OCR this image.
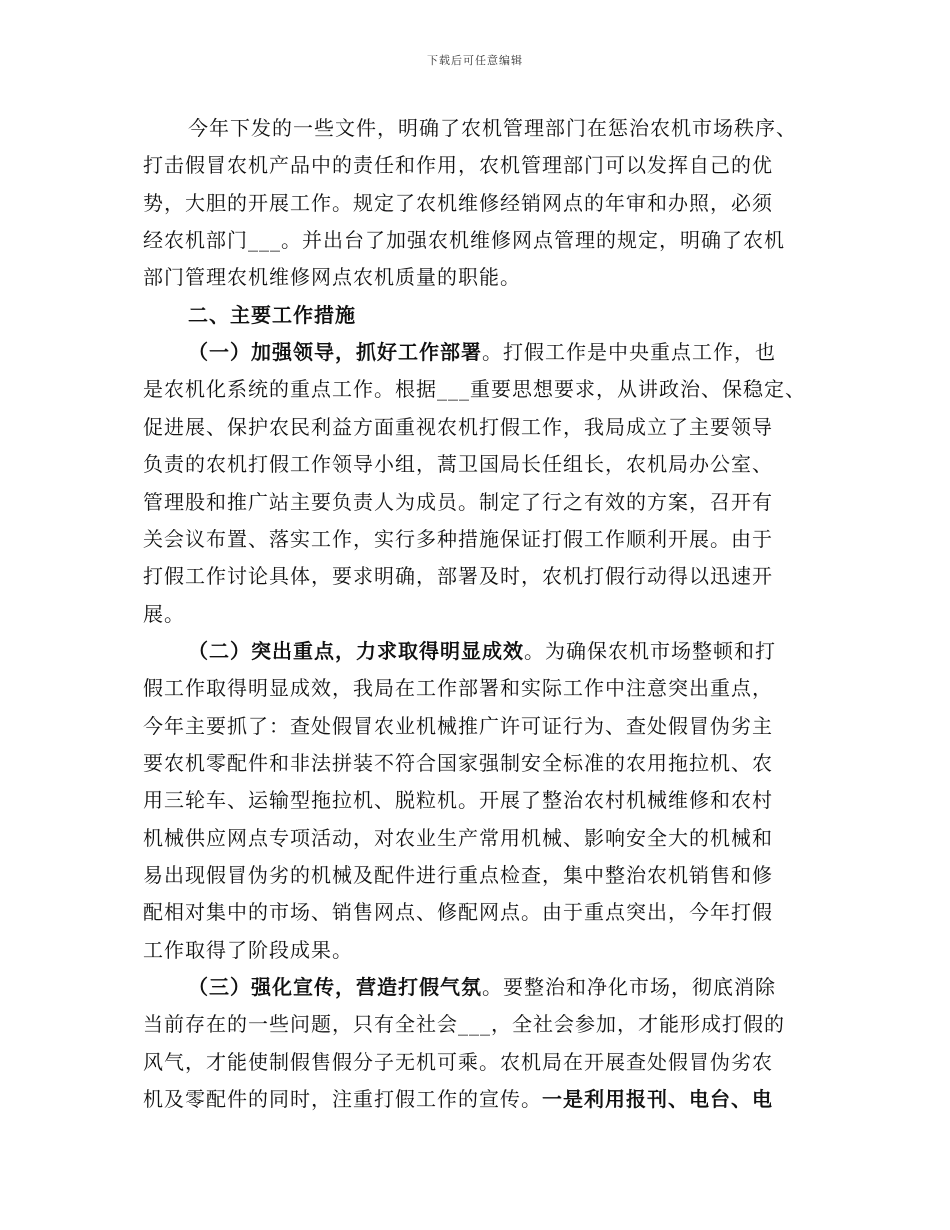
下载后可任意编辑
今年下发的一些文件，明确了农机管理部门在惩治农机市场秩序、
打击假冒农机产品中的责任和作用，农机管理部门可以发挥自己的优
势，大胆的开展工作。规定了农机维修经销网点的年审和办照，必须
经农机部门___。并出台了加强农机维修网点管理的规定，明确了农机
部门管理农机维修网点农机质量的职能。
二、主要工作措施
（一）加强领导，抓好工作部署。打假工作是中央重点工作，也
是农机化系统的重点工作。根据___重要思想要求，从讲政治、保稳定、
促进展、保护农民利益方面重视农机打假工作，我局成立了主要领导
负责的农机打假工作领导小组，蒿卫国局长任组长，农机局办公室、
管理股和推广站主要负责人为成员。制定了行之有效的方案，召开有
关会议布置、落实工作，实行多种措施保证打假工作顺利开展。由于
打假工作讨论具体，要求明确，部署及时，农机打假行动得以迅速开
展。
（二）突出重点，力求取得明显成效。为确保农机市场整顿和打
假工作取得明显成效，我局在工作部署和实际工作中注意突出重点，
今年主要抓了：查处假冒农业机械推广许可证行为、查处假冒伪劣主
要农机零配件和非法拼装不符合国家强制安全标准的农用拖拉机、农
用三轮车、运输型拖拉机、脱粒机。开展了整治农村机械维修和农村
机械供应网点专项活动，对农业生产常用机械、影响安全大的机械和
易出现假冒伪劣的机械及配件进行重点检查，集中整治农机销售和修
配相对集中的市场、销售网点、修配网点。由于重点突出，今年打假
工作取得了阶段成果。
（三）强化宣传，营造打假气氛。要整治和净化市场，彻底消除
当前存在的一些问题，只有全社会___，全社会参加，才能形成打假的
风气，才能使制假售假分子无机可乘。农机局在开展查处假冒伪劣农
机及零配件的同时，注重打假工作的宣传。一是利用报刊、电台、电
